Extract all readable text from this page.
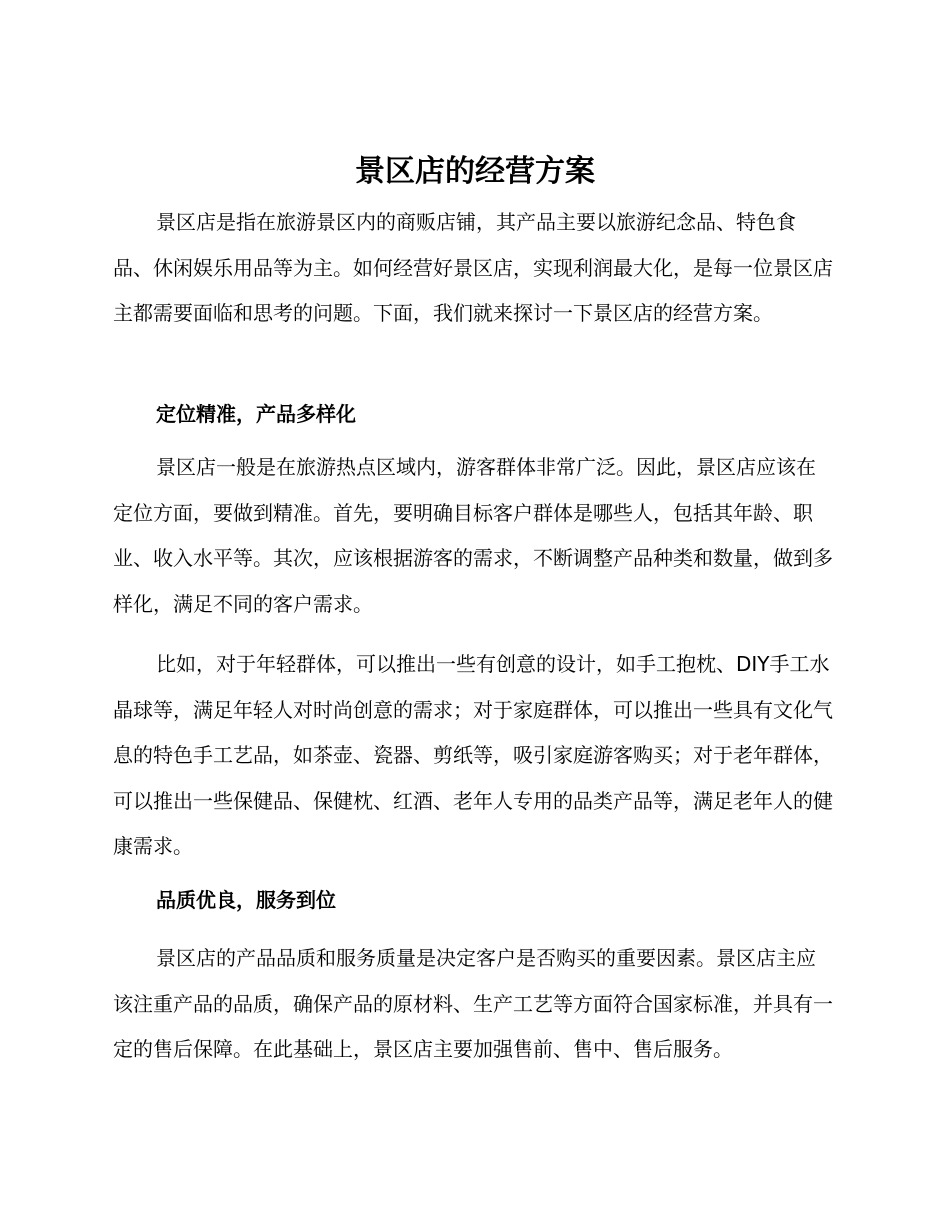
景区店的经营方案

景区店是指在旅游景区内的商贩店铺，其产品主要以旅游纪念品、特色食品、休闲娱乐用品等为主。如何经营好景区店，实现利润最大化，是每一位景区店主都需要面临和思考的问题。下面，我们就来探讨一下景区店的经营方案。

定位精准，产品多样化

景区店一般是在旅游热点区域内，游客群体非常广泛。因此，景区店应该在定位方面，要做到精准。首先，要明确目标客户群体是哪些人，包括其年龄、职业、收入水平等。其次，应该根据游客的需求，不断调整产品种类和数量，做到多样化，满足不同的客户需求。

比如，对于年轻群体，可以推出一些有创意的设计，如手工抱枕、DIY手工水晶球等，满足年轻人对时尚创意的需求；对于家庭群体，可以推出一些具有文化气息的特色手工艺品，如茶壶、瓷器、剪纸等，吸引家庭游客购买；对于老年群体，可以推出一些保健品、保健枕、红酒、老年人专用的品类产品等，满足老年人的健康需求。

品质优良，服务到位

景区店的产品品质和服务质量是决定客户是否购买的重要因素。景区店主应该注重产品的品质，确保产品的原材料、生产工艺等方面符合国家标准，并具有一定的售后保障。在此基础上，景区店主要加强售前、售中、售后服务。
